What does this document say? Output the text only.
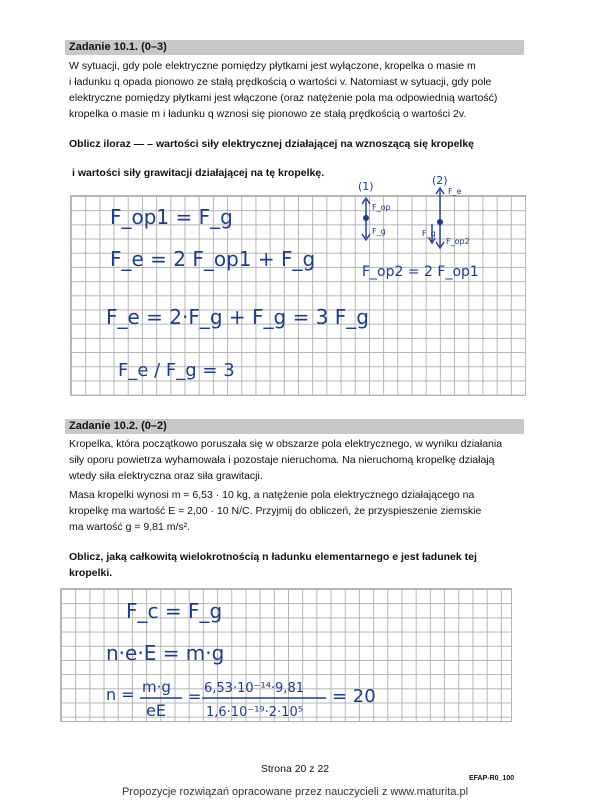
Zadanie 10.1. (0–3)

W sytuacji, gdy pole elektryczne pomiędzy płytkami jest wyłączone, kropelka o masie m

i ładunku q opada pionowo ze stałą prędkością o wartości v. Natomiast w sytuacji, gdy pole

elektryczne pomiędzy płytkami jest włączone (oraz natężenie pola ma odpowiednią wartość)

kropelka o masie m i ładunku q wznosi się pionowo ze stałą prędkością o wartości 2v.

Oblicz iloraz — – wartości siły elektrycznej działającej na wznoszącą się kropelkę

i wartości siły grawitacji działającej na tę kropelkę.

F_op1 = F_g
F_e = 2 F_op1 + F_g
F_e = 2·F_g + F_g = 3 F_g
F_e / F_g = 3
(1)	(2)
F_op
F_g
F_e
F_g
F_op2
F_op2 = 2 F_op1
Zadanie 10.2. (0–2)

Kropelka, która początkowo poruszała się w obszarze pola elektrycznego, w wyniku działania

siły oporu powietrza wyhamowała i pozostaje nieruchoma. Na nieruchomą kropelkę działają

wtedy siła elektryczna oraz siła grawitacji.

Masa kropelki wynosi m = 6,53 · 10 kg, a natężenie pola elektrycznego działającego na

kropelkę ma wartość E = 2,00 · 10 N/C. Przyjmij do obliczeń, że przyspieszenie ziemskie

ma wartość g = 9,81 m/s².

Oblicz, jaką całkowitą wielokrotnością n ładunku elementarnego e jest ładunek tej

kropelki.

F_c = F_g
n·e·E = m·g
n = m·g
eE
= 6,53·10⁻¹⁴·9,81
1,6·10⁻¹⁹·2·10⁵
= 20
Strona 20 z 22
EFAP-R0_100
Propozycje rozwiązań opracowane przez nauczycieli z www.maturita.pl
